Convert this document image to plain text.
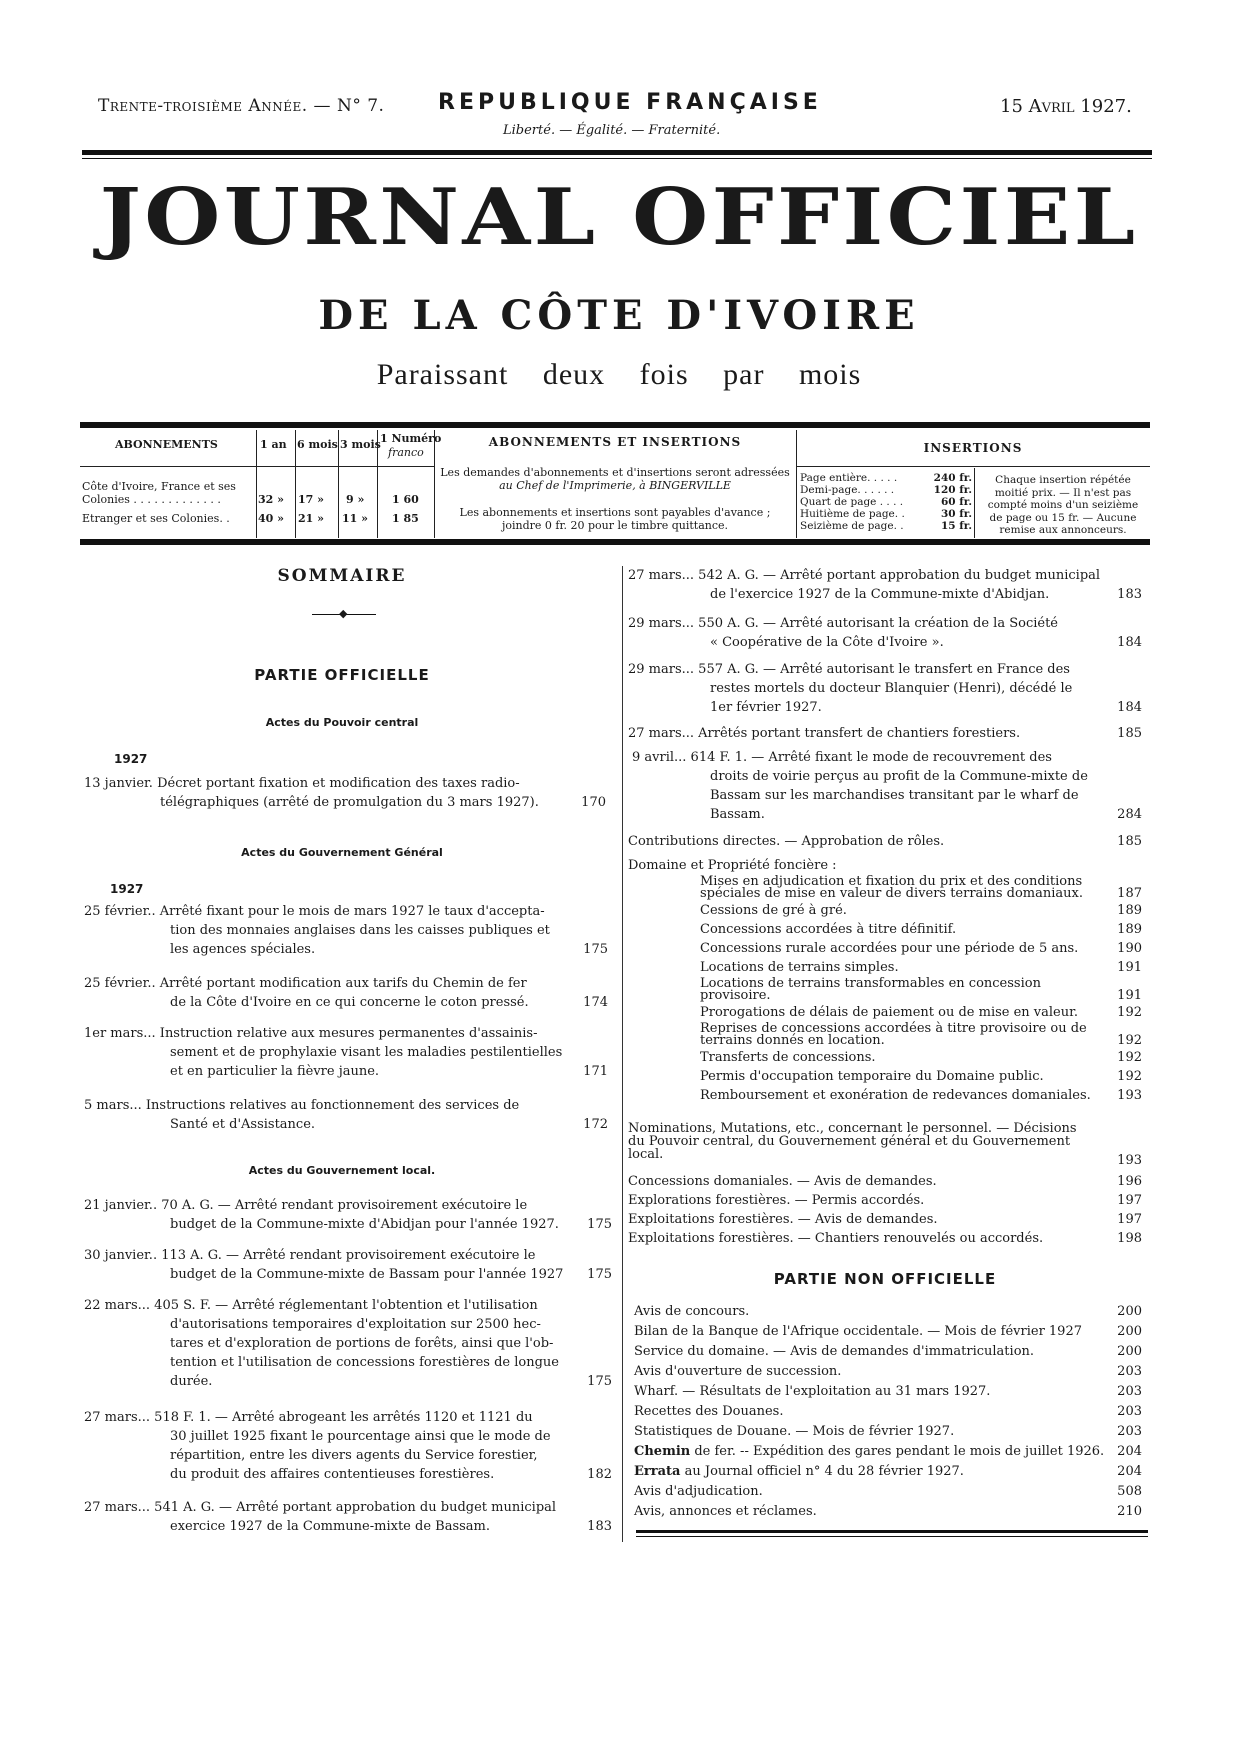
Trente-troisième Année. — N° 7. REPUBLIQUE FRANÇAISE
Liberté. — Égalité. — Fraternité.
15 Avril 1927.
JOURNAL OFFICIEL
DE LA CÔTE D'IVOIRE
Paraissant deux fois par mois
ABONNEMENTS	1 an 6 mois 3 mois 1 Numéro
franco
Côte d'Ivoire, France et ses
Colonies . . . . . . . . . . . . .	32 » 17 » 9 »	1 60
Etranger et ses Colonies. .	40 » 21 » 11 » 1 85
ABONNEMENTS ET INSERTIONS
Les demandes d'abonnements et d'insertions seront adressées
au Chef de l'Imprimerie, à BINGERVILLE
Les abonnements et insertions sont payables d'avance ;
joindre 0 fr. 20 pour le timbre quittance.
INSERTIONS
Page entière. . . . .	240 fr.
Demi-page. . . . . .	120 fr.
Quart de page . . . .	60 fr.
Huitième de page. .	30 fr.
Seizième de page. .	15 fr.
Chaque insertion répétée
moitié prix. — Il n'est pas
compté moins d'un seizième
de page ou 15 fr. — Aucune
remise aux annonceurs.
SOMMAIRE
◆
PARTIE OFFICIELLE
Actes du Pouvoir central
1927
13 janvier. Décret portant fixation et modification des taxes radio-
télégraphiques (arrêté de promulgation du 3 mars 1927).	170
Actes du Gouvernement Général
1927
25 février.. Arrêté fixant pour le mois de mars 1927 le taux d'accepta-
tion des monnaies anglaises dans les caisses publiques et
les agences spéciales.	175
25 février.. Arrêté portant modification aux tarifs du Chemin de fer
de la Côte d'Ivoire en ce qui concerne le coton pressé.	174
1er mars... Instruction relative aux mesures permanentes d'assainis-
sement et de prophylaxie visant les maladies pestilentielles
et en particulier la fièvre jaune.	171
5 mars... Instructions relatives au fonctionnement des services de
Santé et d'Assistance.	172
Actes du Gouvernement local.
21 janvier.. 70 A. G. — Arrêté rendant provisoirement exécutoire le
budget de la Commune-mixte d'Abidjan pour l'année 1927.	175
30 janvier.. 113 A. G. — Arrêté rendant provisoirement exécutoire le
budget de la Commune-mixte de Bassam pour l'année 1927	175
22 mars... 405 S. F. — Arrêté réglementant l'obtention et l'utilisation
d'autorisations temporaires d'exploitation sur 2500 hec-
tares et d'exploration de portions de forêts, ainsi que l'ob-
tention et l'utilisation de concessions forestières de longue
durée.	175
27 mars... 518 F. 1. — Arrêté abrogeant les arrêtés 1120 et 1121 du
30 juillet 1925 fixant le pourcentage ainsi que le mode de
répartition, entre les divers agents du Service forestier,
du produit des affaires contentieuses forestières.	182
27 mars... 541 A. G. — Arrêté portant approbation du budget municipal
exercice 1927 de la Commune-mixte de Bassam.	183
27 mars... 542 A. G. — Arrêté portant approbation du budget municipal
de l'exercice 1927 de la Commune-mixte d'Abidjan.	183
29 mars... 550 A. G. — Arrêté autorisant la création de la Société
« Coopérative de la Côte d'Ivoire ».	184
29 mars... 557 A. G. — Arrêté autorisant le transfert en France des
restes mortels du docteur Blanquier (Henri), décédé le
1er février 1927.	184
27 mars... Arrêtés portant transfert de chantiers forestiers.	185
9 avril... 614 F. 1. — Arrêté fixant le mode de recouvrement des
droits de voirie perçus au profit de la Commune-mixte de
Bassam sur les marchandises transitant par le wharf de
Bassam.	284
Contributions directes. — Approbation de rôles.	185
Domaine et Propriété foncière :
Mises en adjudication et fixation du prix et des conditions spéciales de mise en valeur de divers terrains domaniaux.	187
Cessions de gré à gré.	189
Concessions accordées à titre définitif.	189
Concessions rurale accordées pour une période de 5 ans.	190
Locations de terrains simples.	191
Locations de terrains transformables en concession provisoire.	191
Prorogations de délais de paiement ou de mise en valeur.	192
Reprises de concessions accordées à titre provisoire ou de terrains donnés en location.	192
Transferts de concessions.	192
Permis d'occupation temporaire du Domaine public.	192
Remboursement et exonération de redevances domaniales. 193
Nominations, Mutations, etc., concernant le personnel. — Décisions
du Pouvoir central, du Gouvernement général et du Gouvernement
local.	193
Concessions domaniales. — Avis de demandes.	196
Explorations forestières. — Permis accordés.	197
Exploitations forestières. — Avis de demandes.	197
Exploitations forestières. — Chantiers renouvelés ou accordés.	198
PARTIE NON OFFICIELLE
Avis de concours.	200
Bilan de la Banque de l'Afrique occidentale. — Mois de février 1927	200
Service du domaine. — Avis de demandes d'immatriculation.	200
Avis d'ouverture de succession.	203
Wharf. — Résultats de l'exploitation au 31 mars 1927.	203
Recettes des Douanes.	203
Statistiques de Douane. — Mois de février 1927.	203
Chemin de fer. -- Expédition des gares pendant le mois de juillet 1926. 204
Errata au Journal officiel n° 4 du 28 février 1927.	204
Avis d'adjudication.	508
Avis, annonces et réclames.	210
